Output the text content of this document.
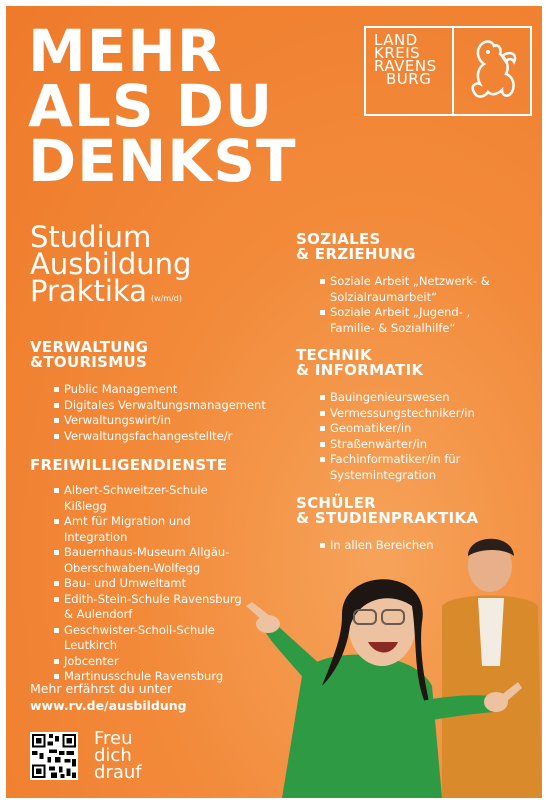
MEHR
ALS DU
DENKST
LAND
KREIS
RAVENS
BURG
Studium
Ausbildung
Praktika (w/m/d)
VERWALTUNG
&TOURISMUS
Public Management
Digitales Verwaltungsmanagement
Verwaltungswirt/in
Verwaltungsfachangestellte/r
FREIWILLIGENDIENSTE
Albert-Schweitzer-Schule Kißlegg
Amt für Migration und Integration
Bauernhaus-Museum Allgäu-Oberschwaben-Wolfegg
Bau- und Umweltamt
Edith-Stein-Schule Ravensburg & Aulendorf
Geschwister-Scholl-Schule Leutkirch
Jobcenter
Martinusschule Ravensburg
SOZIALES
& ERZIEHUNG
Soziale Arbeit „Netzwerk- & Solzialraumarbeit“
Soziale Arbeit „Jugend- , Familie- & Sozialhilfe“
TECHNIK
& INFORMATIK
Bauingenieurswesen
Vermessungstechniker/in
Geomatiker/in
Straßenwärter/in
Fachinformatiker/in für Systemintegration
SCHÜLER
& STUDIENPRAKTIKA
In allen Bereichen
Mehr erfährst du unter
www.rv.de/ausbildung
Freu
dich
drauf
